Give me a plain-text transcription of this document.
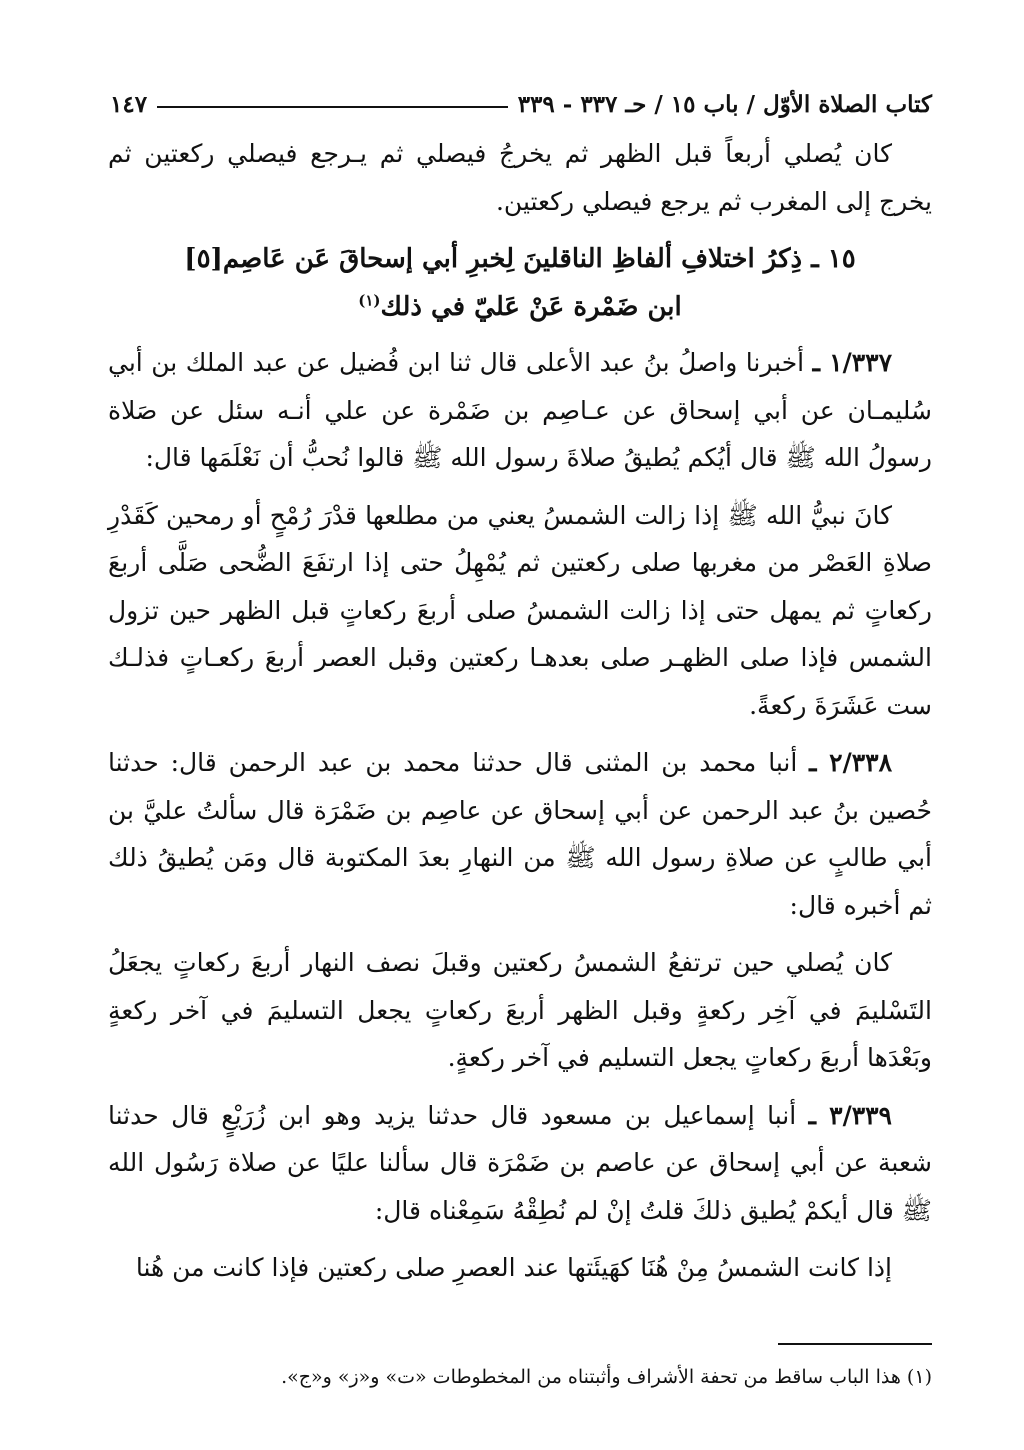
كتاب الصلاة الأوّل / باب ١٥ / حـ ٣٣٧ - ٣٣٩
١٤٧

كان يُصلي أربعاً قبل الظهر ثم يخرجُ فيصلي ثم يـرجع فيصلي ركعتين ثم يخرج إلى المغرب ثم يرجع فيصلي ركعتين.

١٥ ـ ذِكرُ اختلافِ ألفاظِ الناقلينَ لِخبرِ أبي إسحاقَ عَن عَاصِم[٥]
ابن ضَمْرة عَنْ عَليّ في ذلك$^{(١)}$

١/٣٣٧ ـ أخبرنا واصلُ بنُ عبد الأعلى قال ثنا ابن فُضيل عن عبد الملك بن أبي سُليمـان عن أبي إسحاق عن عـاصِم بن ضَمْرة عن علي أنـه سئل عن صَلاة رسولُ الله ﷺ قال أيُكم يُطيقُ صلاةَ رسول الله ﷺ قالوا نُحبُّ أن نَعْلَمَها قال:

كانَ نبيُّ الله ﷺ إذا زالت الشمسُ يعني من مطلعها قدْرَ رُمْحٍ أو رمحين كَقَدْرِ صلاةِ العَصْر من مغربها صلى ركعتين ثم يُمْهِلُ حتى إذا ارتفَعَ الضُّحى صَلَّى أربعَ ركعاتٍ ثم يمهل حتى إذا زالت الشمسُ صلى أربعَ ركعاتٍ قبل الظهر حين تزول الشمس فإذا صلى الظهـر صلى بعدهـا ركعتين وقبل العصر أربعَ ركعـاتٍ فذلـك ست عَشَرَةَ ركعةً.

٢/٣٣٨ ـ أنبا محمد بن المثنى قال حدثنا محمد بن عبد الرحمن قال: حدثنا حُصين بنُ عبد الرحمن عن أبي إسحاق عن عاصِم بن ضَمْرَة قال سألتُ عليَّ بن أبي طالبٍ عن صلاةِ رسول الله ﷺ من النهارِ بعدَ المكتوبة قال ومَن يُطيقُ ذلك ثم أخبره قال:

كان يُصلي حين ترتفعُ الشمسُ ركعتين وقبلَ نصف النهار أربعَ ركعاتٍ يجعَلُ التَسْليمَ في آخِر ركعةٍ وقبل الظهر أربعَ ركعاتٍ يجعل التسليمَ في آخر ركعةٍ وبَعْدَها أربعَ ركعاتٍ يجعل التسليم في آخر ركعةٍ.

٣/٣٣٩ ـ أنبا إسماعيل بن مسعود قال حدثنا يزيد وهو ابن زُرَيْعٍ قال حدثنا شعبة عن أبي إسحاق عن عاصم بن ضَمْرَة قال سألنا عليًا عن صلاة رَسُول الله ﷺ قال أيكمْ يُطيق ذلكَ قلتُ إنْ لم نُطِقْهُ سَمِعْناه قال:

إذا كانت الشمسُ مِنْ هُنَا كهَيئَتها عند العصرِ صلى ركعتين فإذا كانت من هُنا

(١) هذا الباب ساقط من تحفة الأشراف وأثبتناه من المخطوطات «ت» و«ز» و«ج».
